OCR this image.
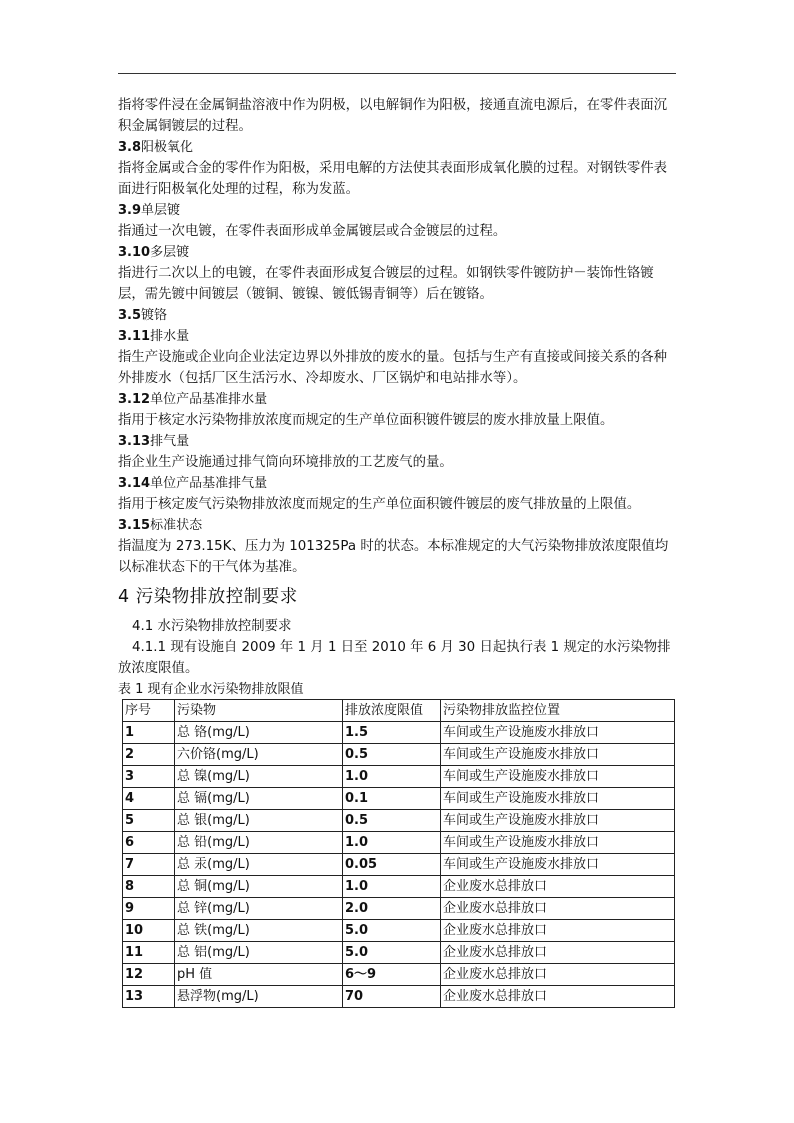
指将零件浸在金属铜盐溶液中作为阴极，以电解铜作为阳极，接通直流电源后，在零件表面沉积金属铜镀层的过程。

3.8阳极氧化

指将金属或合金的零件作为阳极，采用电解的方法使其表面形成氧化膜的过程。对钢铁零件表面进行阳极氧化处理的过程，称为发蓝。

3.9单层镀

指通过一次电镀，在零件表面形成单金属镀层或合金镀层的过程。

3.10多层镀

指进行二次以上的电镀，在零件表面形成复合镀层的过程。如钢铁零件镀防护－装饰性铬镀层，需先镀中间镀层（镀铜、镀镍、镀低锡青铜等）后在镀铬。

3.5镀铬

3.11排水量

指生产设施或企业向企业法定边界以外排放的废水的量。包括与生产有直接或间接关系的各种外排废水（包括厂区生活污水、冷却废水、厂区锅炉和电站排水等）。

3.12单位产品基准排水量

指用于核定水污染物排放浓度而规定的生产单位面积镀件镀层的废水排放量上限值。

3.13排气量

指企业生产设施通过排气筒向环境排放的工艺废气的量。

3.14单位产品基准排气量

指用于核定废气污染物排放浓度而规定的生产单位面积镀件镀层的废气排放量的上限值。

3.15标准状态

指温度为 273.15K、压力为 101325Pa 时的状态。本标准规定的大气污染物排放浓度限值均以标准状态下的干气体为基准。

4 污染物排放控制要求

4.1 水污染物排放控制要求

4.1.1 现有设施自 2009 年 1 月 1 日至 2010 年 6 月 30 日起执行表 1 规定的水污染物排放浓度限值。

表 1 现有企业水污染物排放限值

序号	污染物	排放浓度限值	污染物排放监控位置
1	总 铬(mg/L)	1.5	车间或生产设施废水排放口
2	六价铬(mg/L)	0.5	车间或生产设施废水排放口
3	总 镍(mg/L)	1.0	车间或生产设施废水排放口
4	总 镉(mg/L)	0.1	车间或生产设施废水排放口
5	总 银(mg/L)	0.5	车间或生产设施废水排放口
6	总 铅(mg/L)	1.0	车间或生产设施废水排放口
7	总 汞(mg/L)	0.05	车间或生产设施废水排放口
8	总 铜(mg/L)	1.0	企业废水总排放口
9	总 锌(mg/L)	2.0	企业废水总排放口
10	总 铁(mg/L)	5.0	企业废水总排放口
11	总 铝(mg/L)	5.0	企业废水总排放口
12	pH 值	6～9	企业废水总排放口
13	悬浮物(mg/L)	70	企业废水总排放口
